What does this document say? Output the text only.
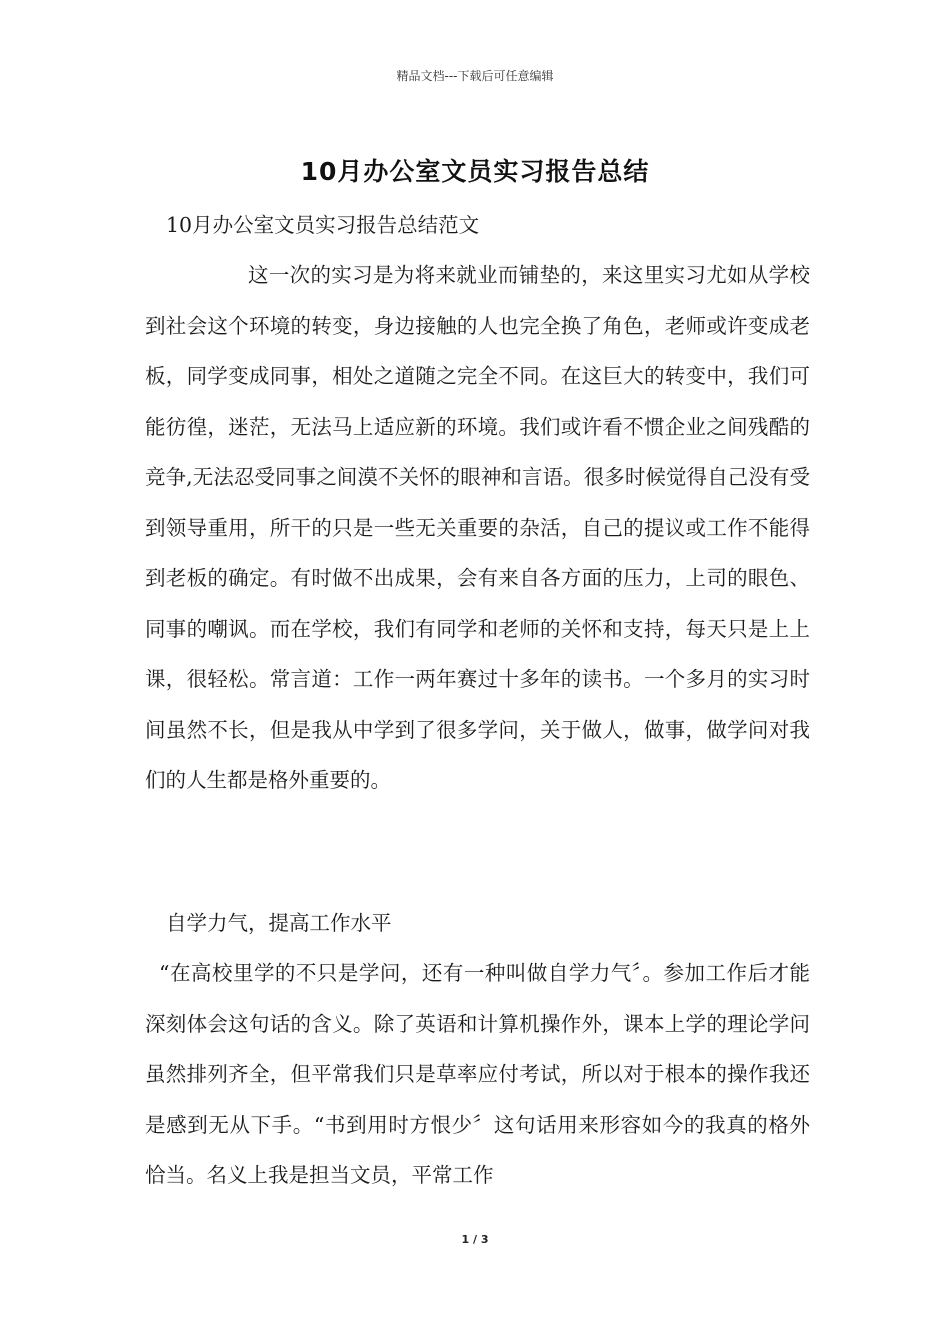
精品文档---下载后可任意编辑
10月办公室文员实习报告总结

10月办公室文员实习报告总结范文

这一次的实习是为将来就业而铺垫的，来这里实习尤如从学校到社会这个环境的转变，身边接触的人也完全换了角色，老师或许变成老板，同学变成同事，相处之道随之完全不同。在这巨大的转变中，我们可能彷徨，迷茫，无法马上适应新的环境。我们或许看不惯企业之间残酷的竞争,无法忍受同事之间漠不关怀的眼神和言语。很多时候觉得自己没有受到领导重用，所干的只是一些无关重要的杂活，自己的提议或工作不能得到老板的确定。有时做不出成果，会有来自各方面的压力，上司的眼色、同事的嘲讽。而在学校，我们有同学和老师的关怀和支持，每天只是上上课，很轻松。常言道：工作一两年赛过十多年的读书。一个多月的实习时间虽然不长，但是我从中学到了很多学问，关于做人，做事，做学问对我们的人生都是格外重要的。

自学力气，提高工作水平

“在高校里学的不只是学问，还有一种叫做自学力气〞。参加工作后才能深刻体会这句话的含义。除了英语和计算机操作外，课本上学的理论学问虽然排列齐全，但平常我们只是草率应付考试，所以对于根本的操作我还是感到无从下手。“书到用时方恨少〞这句话用来形容如今的我真的格外恰当。名义上我是担当文员，平常工作

1 / 3
